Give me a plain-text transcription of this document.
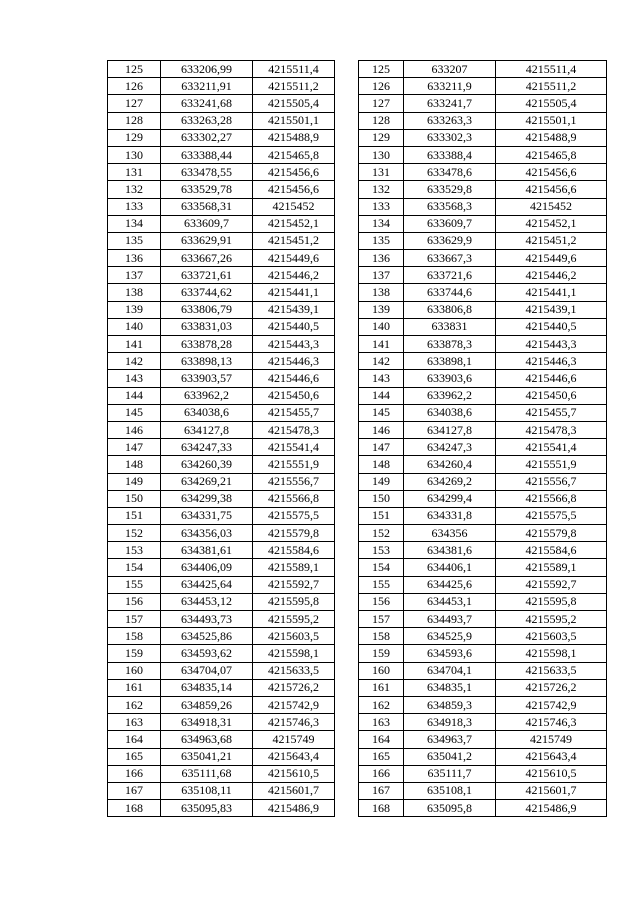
125	633206,99	4215511,4
126	633211,91	4215511,2
127	633241,68	4215505,4
128	633263,28	4215501,1
129	633302,27	4215488,9
130	633388,44	4215465,8
131	633478,55	4215456,6
132	633529,78	4215456,6
133	633568,31	4215452
134	633609,7	4215452,1
135	633629,91	4215451,2
136	633667,26	4215449,6
137	633721,61	4215446,2
138	633744,62	4215441,1
139	633806,79	4215439,1
140	633831,03	4215440,5
141	633878,28	4215443,3
142	633898,13	4215446,3
143	633903,57	4215446,6
144	633962,2	4215450,6
145	634038,6	4215455,7
146	634127,8	4215478,3
147	634247,33	4215541,4
148	634260,39	4215551,9
149	634269,21	4215556,7
150	634299,38	4215566,8
151	634331,75	4215575,5
152	634356,03	4215579,8
153	634381,61	4215584,6
154	634406,09	4215589,1
155	634425,64	4215592,7
156	634453,12	4215595,8
157	634493,73	4215595,2
158	634525,86	4215603,5
159	634593,62	4215598,1
160	634704,07	4215633,5
161	634835,14	4215726,2
162	634859,26	4215742,9
163	634918,31	4215746,3
164	634963,68	4215749
165	635041,21	4215643,4
166	635111,68	4215610,5
167	635108,11	4215601,7
168	635095,83	4215486,9
125	633207	4215511,4
126	633211,9	4215511,2
127	633241,7	4215505,4
128	633263,3	4215501,1
129	633302,3	4215488,9
130	633388,4	4215465,8
131	633478,6	4215456,6
132	633529,8	4215456,6
133	633568,3	4215452
134	633609,7	4215452,1
135	633629,9	4215451,2
136	633667,3	4215449,6
137	633721,6	4215446,2
138	633744,6	4215441,1
139	633806,8	4215439,1
140	633831	4215440,5
141	633878,3	4215443,3
142	633898,1	4215446,3
143	633903,6	4215446,6
144	633962,2	4215450,6
145	634038,6	4215455,7
146	634127,8	4215478,3
147	634247,3	4215541,4
148	634260,4	4215551,9
149	634269,2	4215556,7
150	634299,4	4215566,8
151	634331,8	4215575,5
152	634356	4215579,8
153	634381,6	4215584,6
154	634406,1	4215589,1
155	634425,6	4215592,7
156	634453,1	4215595,8
157	634493,7	4215595,2
158	634525,9	4215603,5
159	634593,6	4215598,1
160	634704,1	4215633,5
161	634835,1	4215726,2
162	634859,3	4215742,9
163	634918,3	4215746,3
164	634963,7	4215749
165	635041,2	4215643,4
166	635111,7	4215610,5
167	635108,1	4215601,7
168	635095,8	4215486,9
